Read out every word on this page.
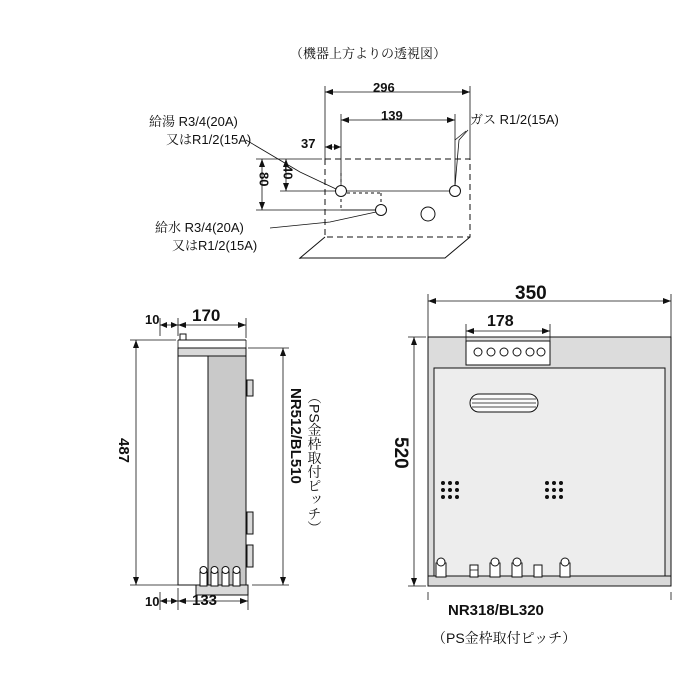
（機器上方よりの透視図）
296
139
37
80 40
給湯 R3/4(20A)
又はR1/2(15A)
給水 R3/4(20A)
又はR1/2(15A)
ガス R1/2(15A)
10 170
487
10 133
NR512/BL510 （PS金枠取付ピッチ）
350
178
520
NR318/BL320
（PS金枠取付ピッチ）
